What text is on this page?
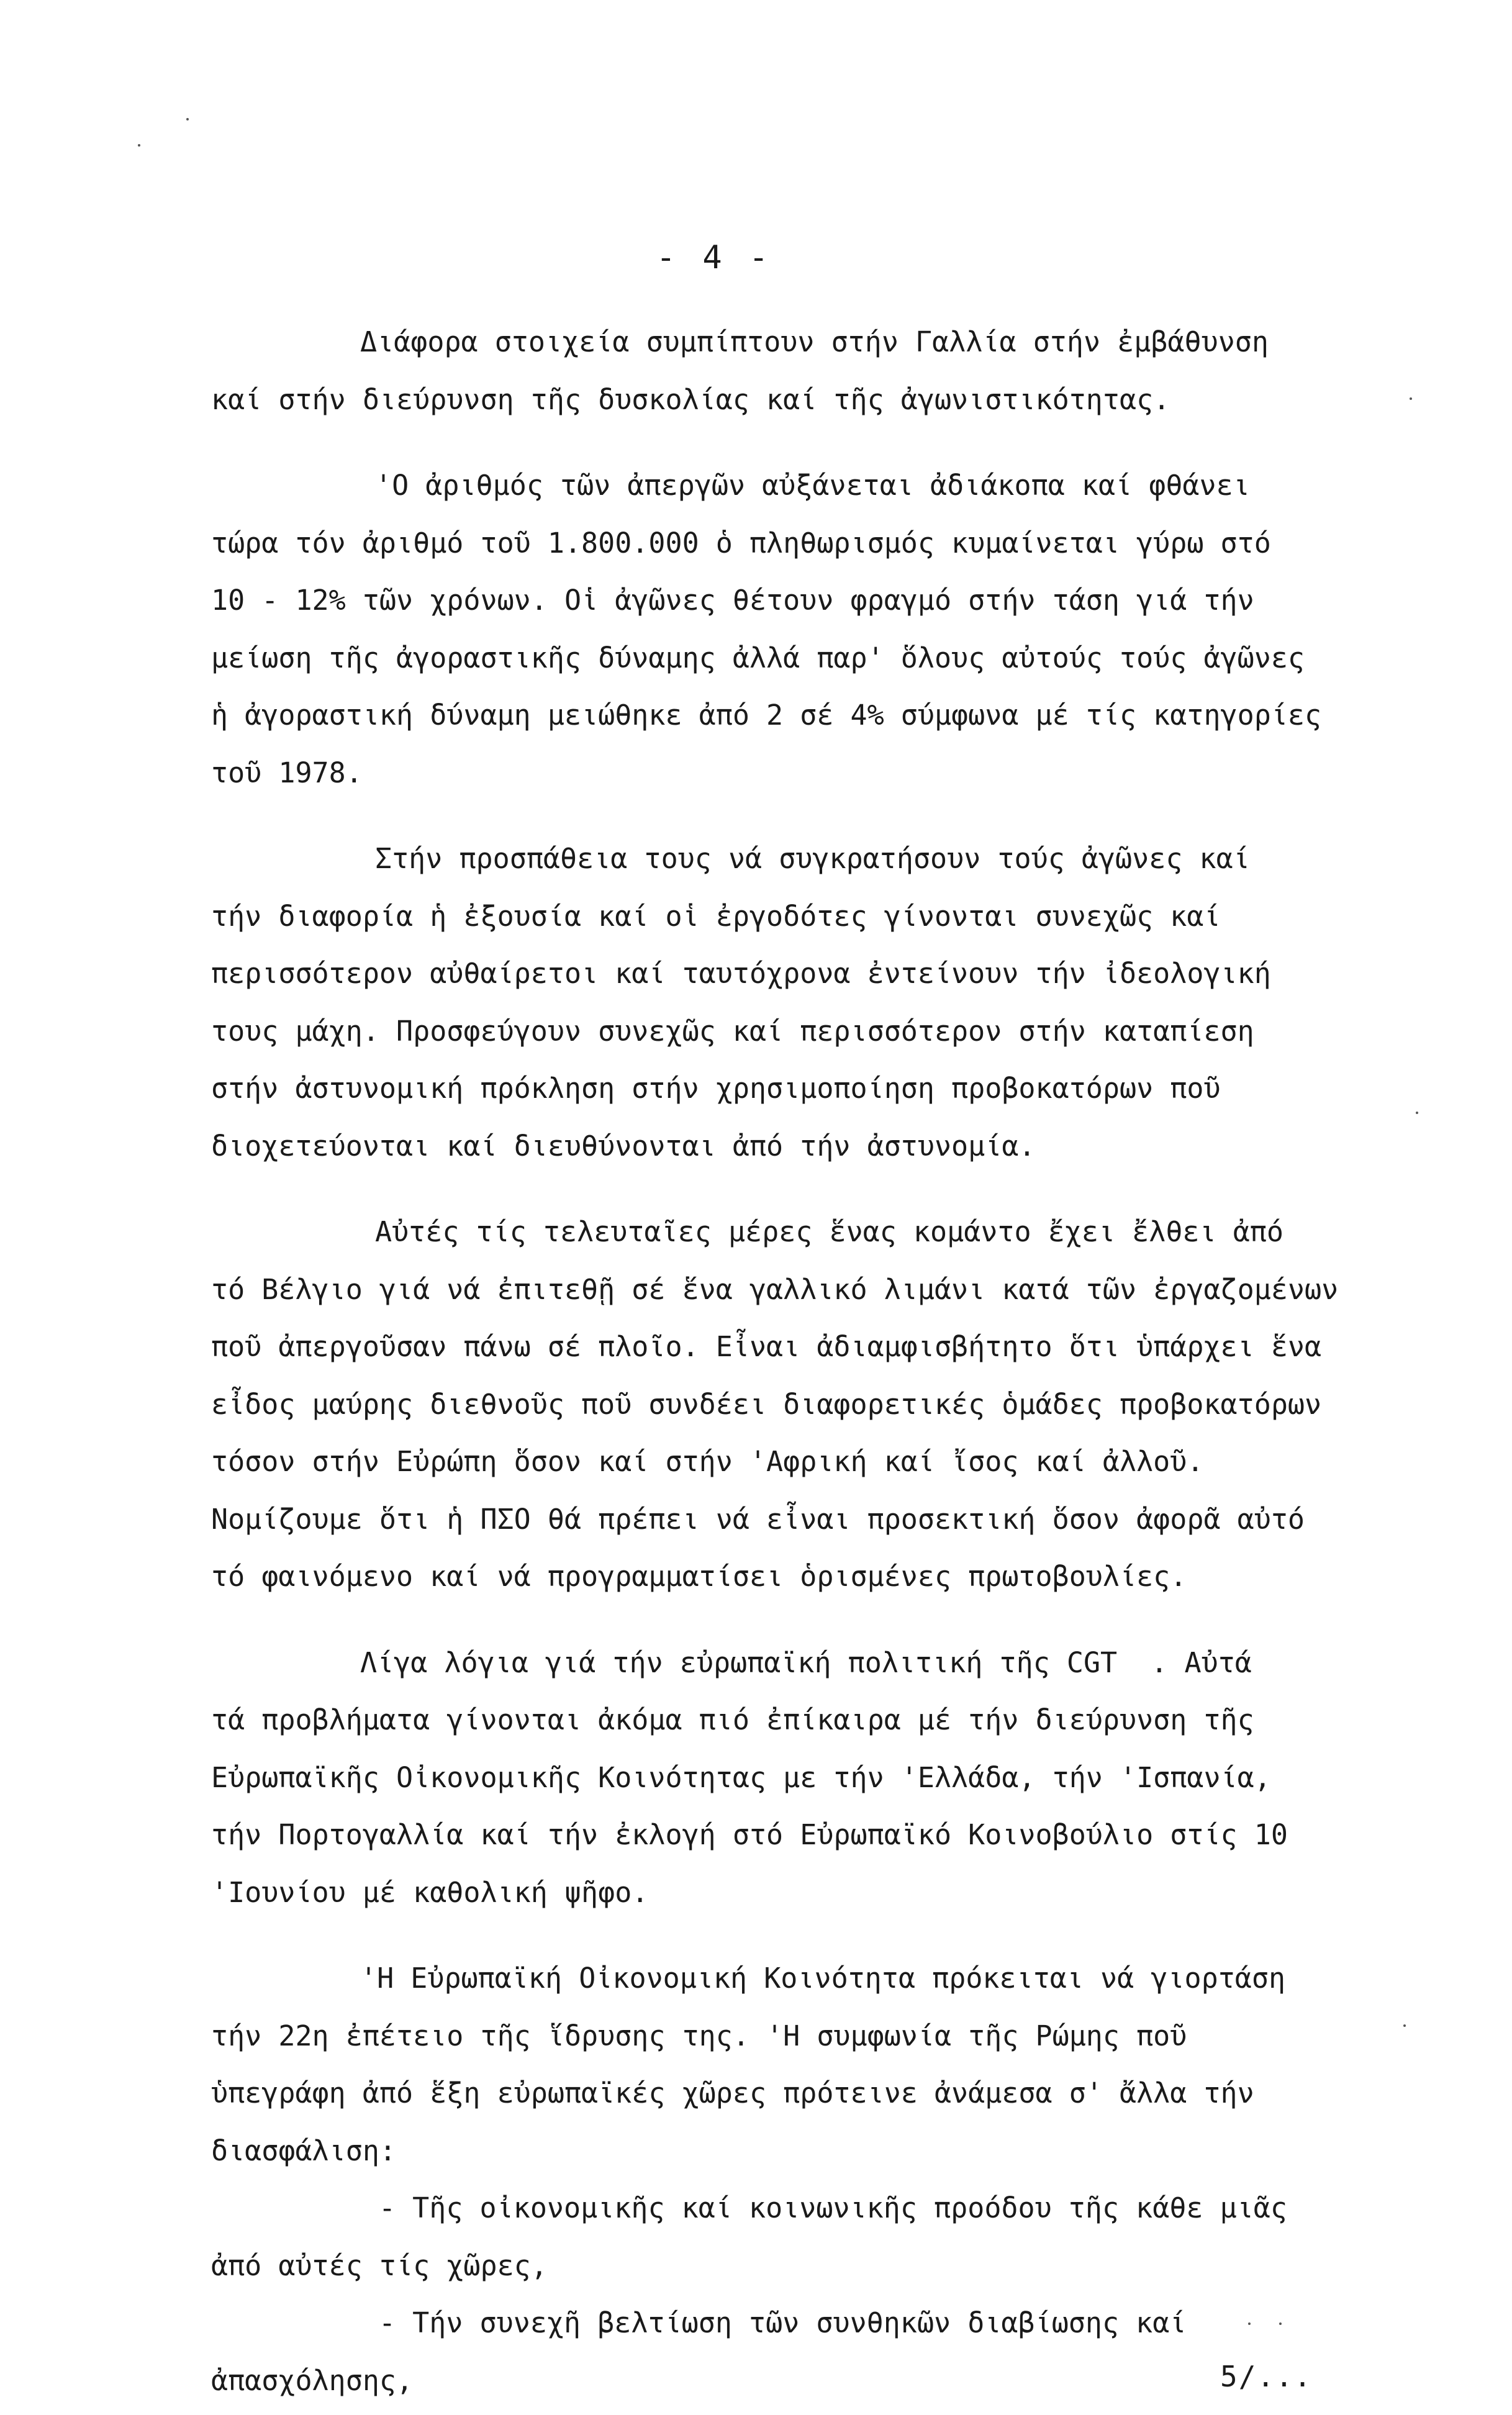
- 4 -

Διάφορα στοιχεία συμπίπτουν στήν Γαλλία στήν ἐμβάθυνση
καί στήν διεύρυνση τῆς δυσκολίας καί τῆς ἀγωνιστικότητας.

'Ο ἀριθμός τῶν ἀπεργῶν αὐξάνεται ἀδιάκοπα καί φθάνει
τώρα τόν ἀριθμό τοῦ 1.800.000 ὁ πληθωρισμός κυμαίνεται γύρω στό
10 - 12% τῶν χρόνων. Οἱ ἀγῶνες θέτουν φραγμό στήν τάση γιά τήν
μείωση τῆς ἀγοραστικῆς δύναμης ἀλλά παρ' ὅλους αὐτούς τούς ἀγῶνες
ἡ ἀγοραστική δύναμη μειώθηκε ἀπό 2 σέ 4% σύμφωνα μέ τίς κατηγορίες
τοῦ 1978.

Στήν προσπάθεια τους νά συγκρατήσουν τούς ἀγῶνες καί
τήν διαφορία ἡ ἐξουσία καί οἱ ἐργοδότες γίνονται συνεχῶς καί
περισσότερον αὐθαίρετοι καί ταυτόχρονα ἐντείνουν τήν ἰδεολογική
τους μάχη. Προσφεύγουν συνεχῶς καί περισσότερον στήν καταπίεση
στήν ἀστυνομική πρόκληση στήν χρησιμοποίηση προβοκατόρων ποῦ
διοχετεύονται καί διευθύνονται ἀπό τήν ἀστυνομία.

Αὐτές τίς τελευταῖες μέρες ἕνας κομάντο ἔχει ἔλθει ἀπό
τό Βέλγιο γιά νά ἐπιτεθῇ σέ ἕνα γαλλικό λιμάνι κατά τῶν ἐργαζομένων
ποῦ ἀπεργοῦσαν πάνω σέ πλοῖο. Εἶναι ἀδιαμφισβήτητο ὅτι ὑπάρχει ἕνα
εἶδος μαύρης διεθνοῦς ποῦ συνδέει διαφορετικές ὁμάδες προβοκατόρων
τόσον στήν Εὐρώπη ὅσον καί στήν 'Αφρική καί ἴσος καί ἀλλοῦ.
Νομίζουμε ὅτι ἡ ΠΣΟ θά πρέπει νά εἶναι προσεκτική ὅσον ἀφορᾶ αὐτό
τό φαινόμενο καί νά προγραμματίσει ὁρισμένες πρωτοβουλίες.

Λίγα λόγια γιά τήν εὐρωπαϊκή πολιτική τῆς CGT  . Αὐτά
τά προβλήματα γίνονται ἀκόμα πιό ἐπίκαιρα μέ τήν διεύρυνση τῆς
Εὐρωπαϊκῆς Οἰκονομικῆς Κοινότητας με τήν 'Ελλάδα, τήν 'Ισπανία,
τήν Πορτογαλλία καί τήν ἐκλογή στό Εὐρωπαϊκό Κοινοβούλιο στίς 10
'Ιουνίου μέ καθολική ψῆφο.

'Η Εὐρωπαϊκή Οἰκονομική Κοινότητα πρόκειται νά γιορτάση
τήν 22η ἐπέτειο τῆς ἵδρυσης της. 'Η συμφωνία τῆς Ρώμης ποῦ
ὑπεγράφη ἀπό ἕξη εὐρωπαϊκές χῶρες πρότεινε ἀνάμεσα σ' ἄλλα τήν
διασφάλιση:

- Τῆς οἰκονομικῆς καί κοινωνικῆς προόδου τῆς κάθε μιᾶς
ἀπό αὐτές τίς χῶρες,

- Τήν συνεχῆ βελτίωση τῶν συνθηκῶν διαβίωσης καί
ἀπασχόλησης,	5/...
